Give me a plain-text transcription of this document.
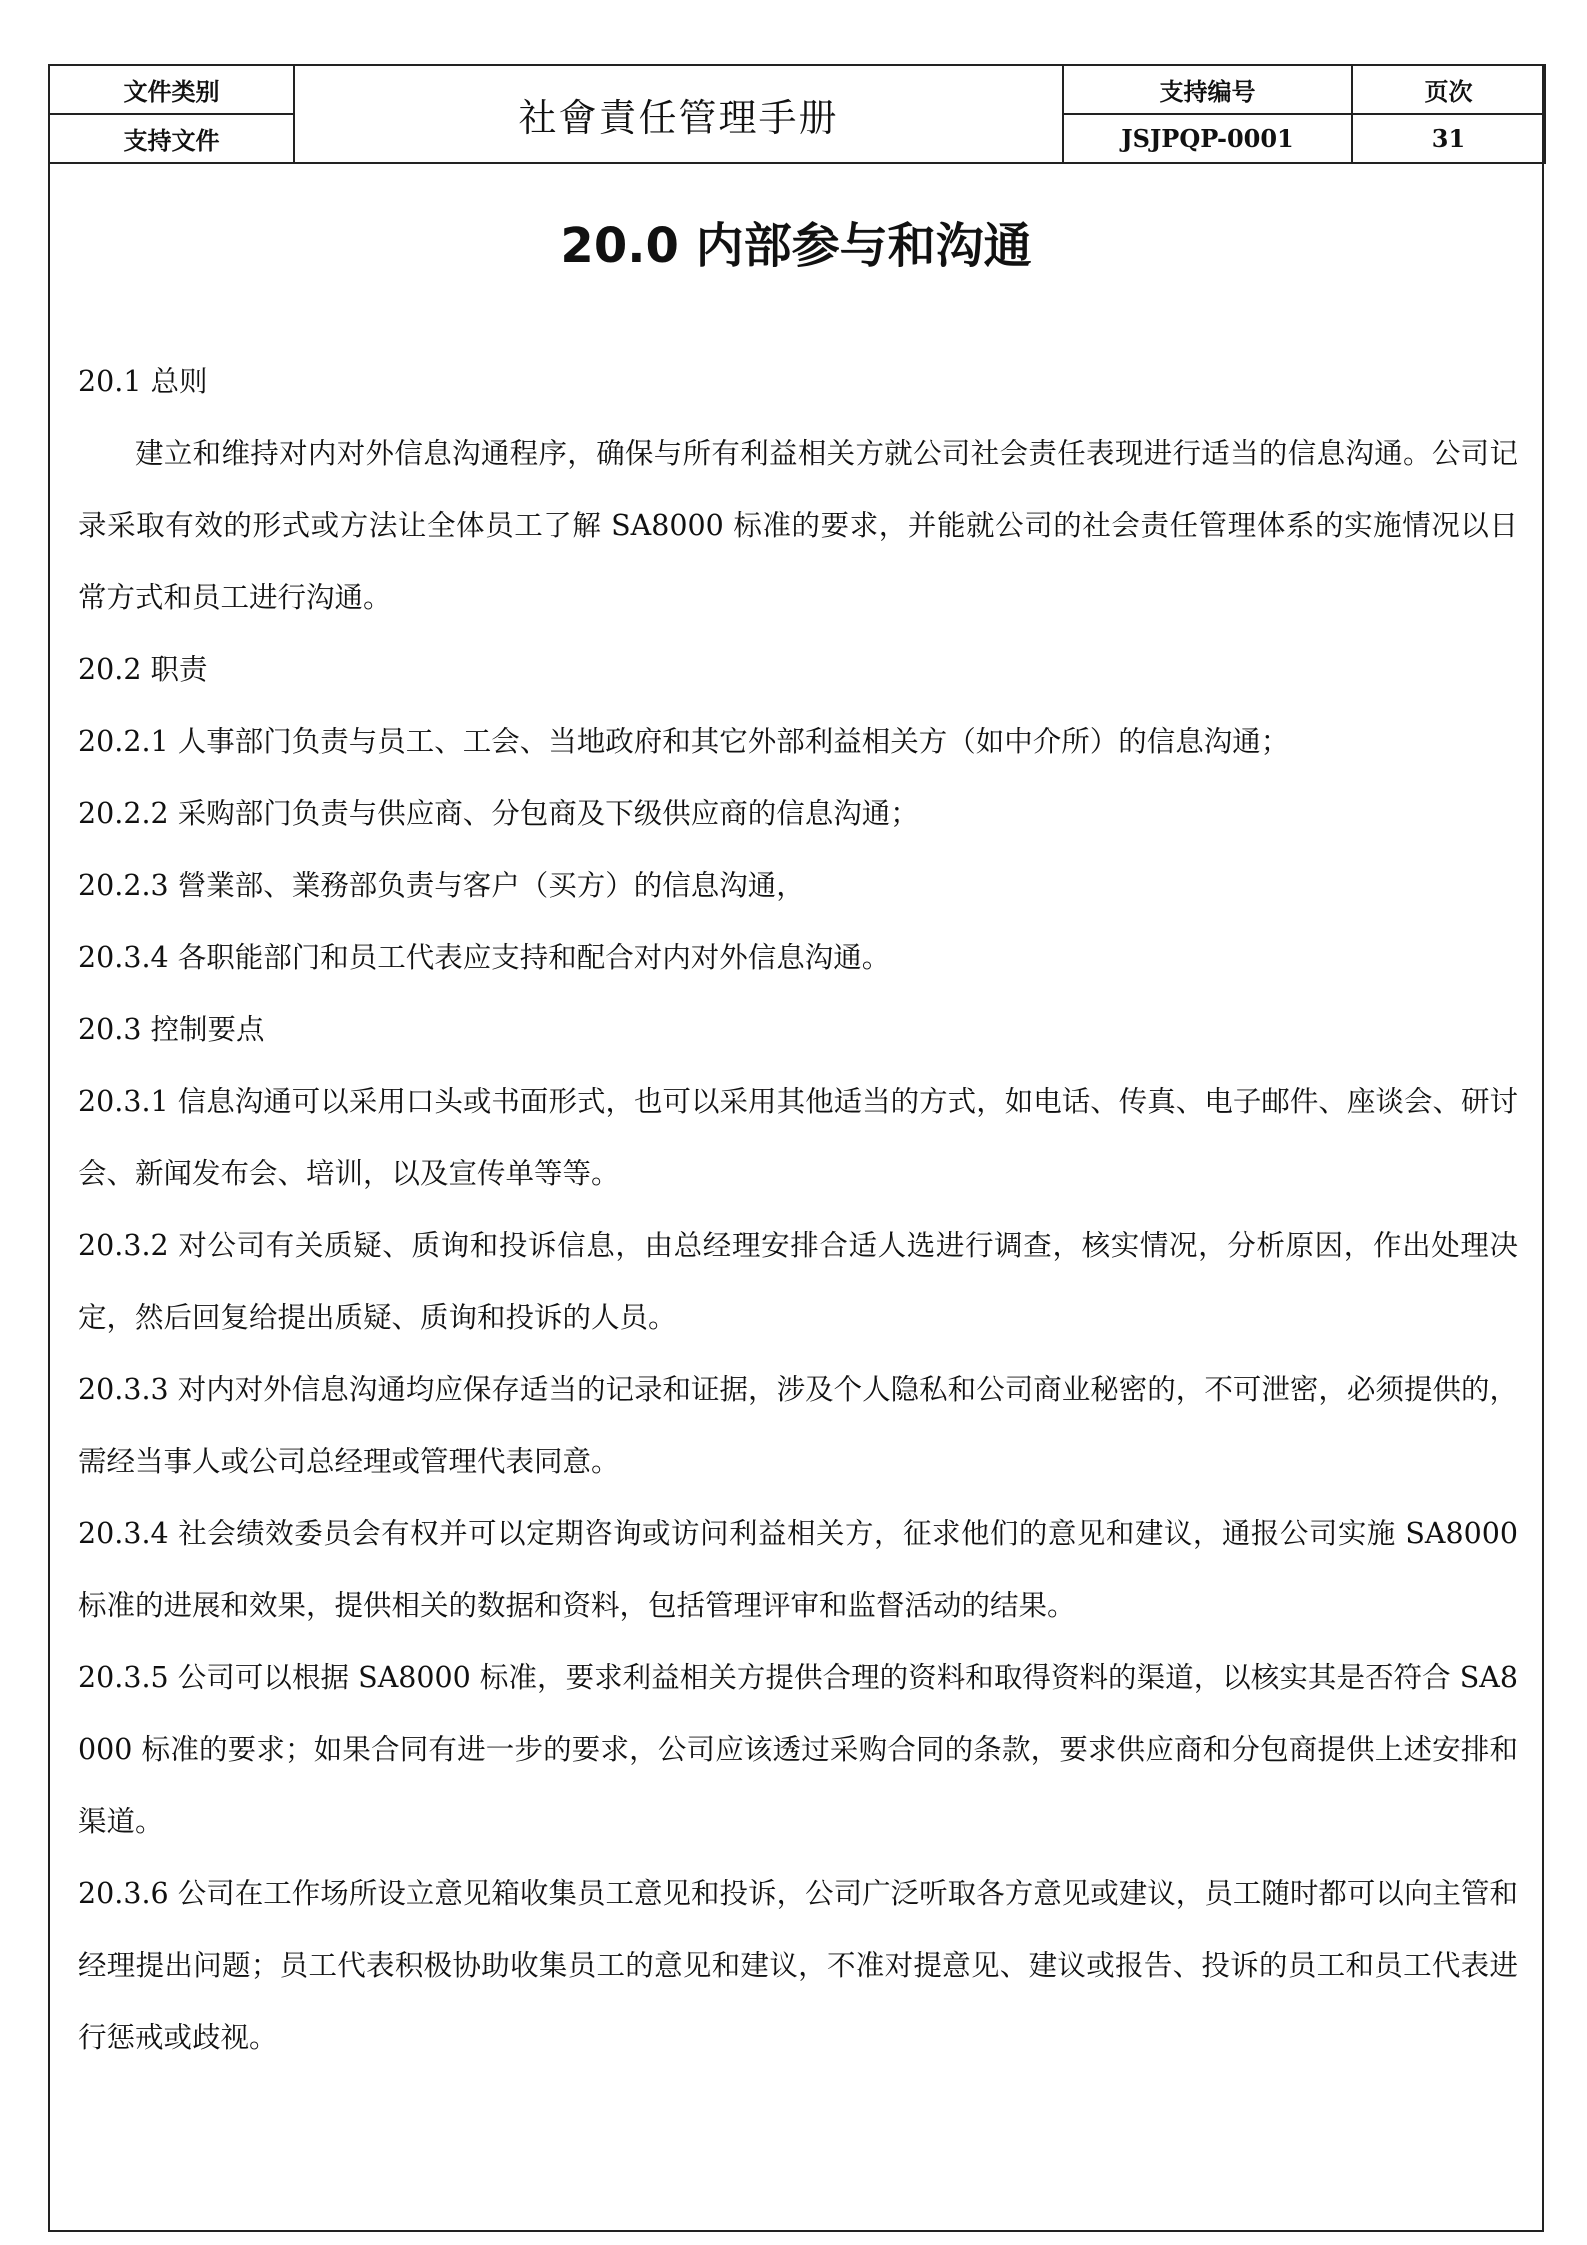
文件类别	社會責任管理手册	支持编号	页次
支持文件		JSJPQP-0001	31
20.0 内部参与和沟通

20.1 总则

建立和维持对内对外信息沟通程序，确保与所有利益相关方就公司社会责任表现进行适当的信息沟通。公司记录采取有效的形式或方法让全体员工了解 SA8000 标准的要求，并能就公司的社会责任管理体系的实施情况以日常方式和员工进行沟通。

20.2 职责

20.2.1 人事部门负责与员工、工会、当地政府和其它外部利益相关方（如中介所）的信息沟通；

20.2.2 采购部门负责与供应商、分包商及下级供应商的信息沟通；

20.2.3 營業部、業務部负责与客户（买方）的信息沟通，

20.3.4 各职能部门和员工代表应支持和配合对内对外信息沟通。

20.3 控制要点

20.3.1 信息沟通可以采用口头或书面形式，也可以采用其他适当的方式，如电话、传真、电子邮件、座谈会、研讨会、新闻发布会、培训，以及宣传单等等。

20.3.2 对公司有关质疑、质询和投诉信息，由总经理安排合适人选进行调查，核实情况，分析原因，作出处理决定，然后回复给提出质疑、质询和投诉的人员。

20.3.3 对内对外信息沟通均应保存适当的记录和证据，涉及个人隐私和公司商业秘密的，不可泄密，必须提供的，需经当事人或公司总经理或管理代表同意。

20.3.4 社会绩效委员会有权并可以定期咨询或访问利益相关方，征求他们的意见和建议，通报公司实施 SA8000 标准的进展和效果，提供相关的数据和资料，包括管理评审和监督活动的结果。

20.3.5 公司可以根据 SA8000 标准，要求利益相关方提供合理的资料和取得资料的渠道，以核实其是否符合 SA8000 标准的要求；如果合同有进一步的要求，公司应该透过采购合同的条款，要求供应商和分包商提供上述安排和渠道。

20.3.6 公司在工作场所设立意见箱收集员工意见和投诉，公司广泛听取各方意见或建议，员工随时都可以向主管和经理提出问题；员工代表积极协助收集员工的意见和建议，不准对提意见、建议或报告、投诉的员工和员工代表进行惩戒或歧视。
